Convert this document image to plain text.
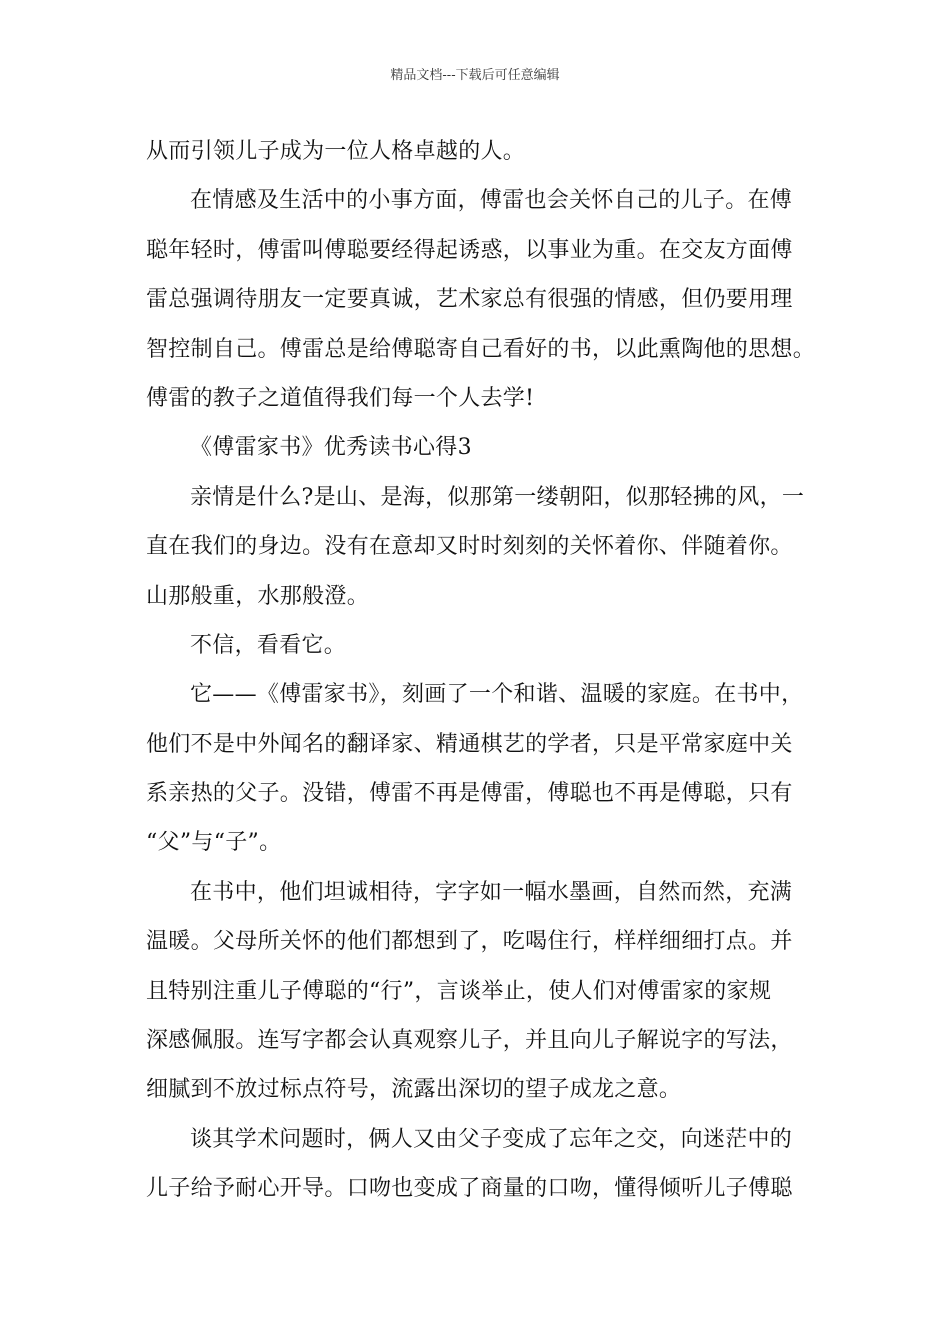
精品文档---下载后可任意编辑
从而引领儿子成为一位人格卓越的人。
在情感及生活中的小事方面，傅雷也会关怀自己的儿子。在傅
聪年轻时，傅雷叫傅聪要经得起诱惑，以事业为重。在交友方面傅
雷总强调待朋友一定要真诚，艺术家总有很强的情感，但仍要用理
智控制自己。傅雷总是给傅聪寄自己看好的书，以此熏陶他的思想。
傅雷的教子之道值得我们每一个人去学!
《傅雷家书》优秀读书心得3
亲情是什么?是山、是海，似那第一缕朝阳，似那轻拂的风，一
直在我们的身边。没有在意却又时时刻刻的关怀着你、伴随着你。
山那般重，水那般澄。
不信，看看它。
它——《傅雷家书》，刻画了一个和谐、温暖的家庭。在书中，
他们不是中外闻名的翻译家、精通棋艺的学者，只是平常家庭中关
系亲热的父子。没错，傅雷不再是傅雷，傅聪也不再是傅聪，只有
“父”与“子”。
在书中，他们坦诚相待，字字如一幅水墨画，自然而然，充满
温暖。父母所关怀的他们都想到了，吃喝住行，样样细细打点。并
且特别注重儿子傅聪的“行”，言谈举止，使人们对傅雷家的家规
深感佩服。连写字都会认真观察儿子，并且向儿子解说字的写法，
细腻到不放过标点符号，流露出深切的望子成龙之意。
谈其学术问题时，俩人又由父子变成了忘年之交，向迷茫中的
儿子给予耐心开导。口吻也变成了商量的口吻，懂得倾听儿子傅聪
